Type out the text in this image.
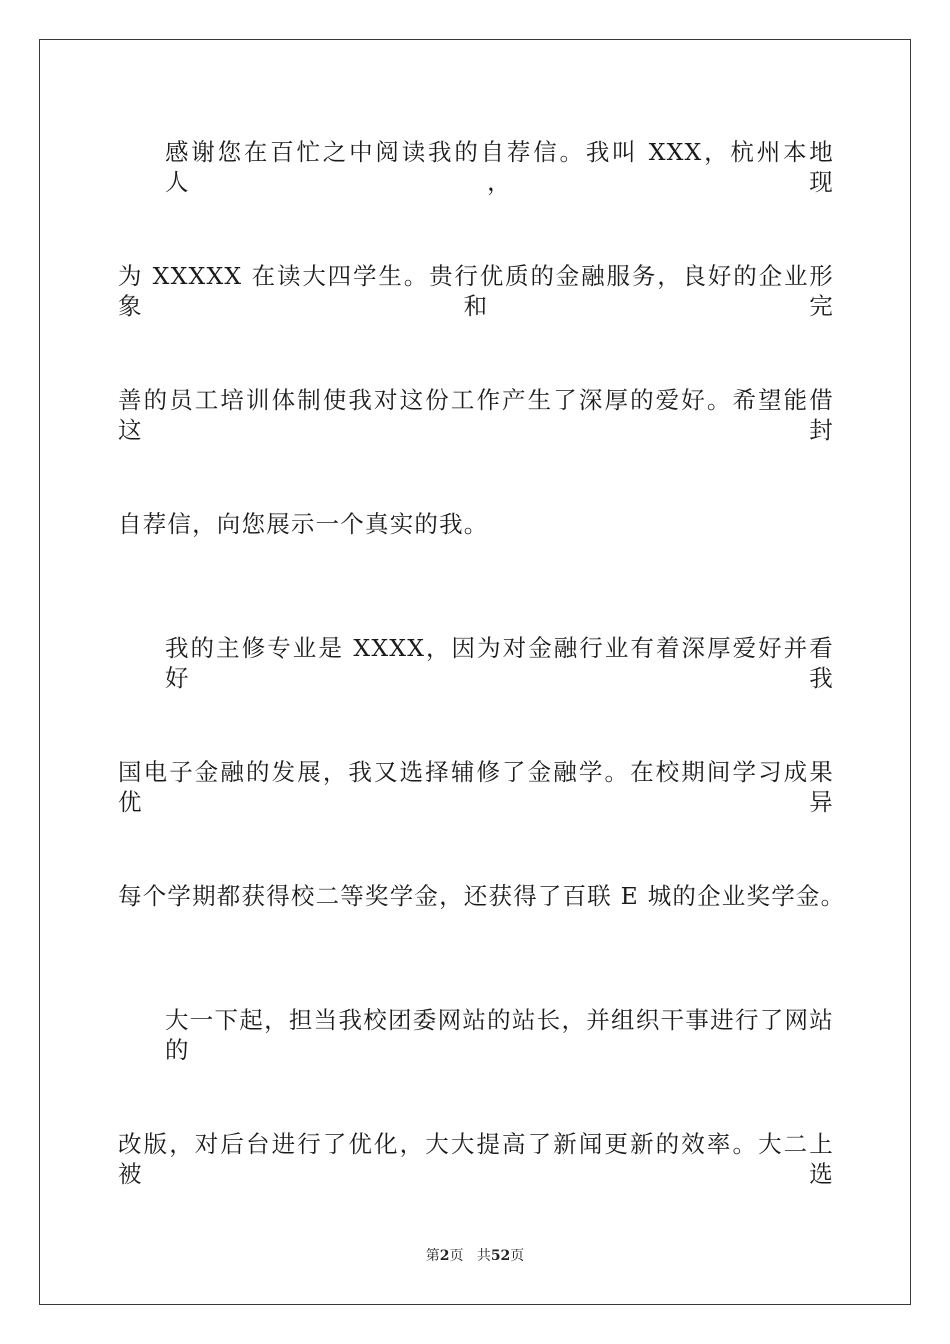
感谢您在百忙之中阅读我的自荐信。我叫 XXX，杭州本地人，现
为 XXXXX 在读大四学生。贵行优质的金融服务，良好的企业形象和完
善的员工培训体制使我对这份工作产生了深厚的爱好。希望能借这封
自荐信，向您展示一个真实的我。
我的主修专业是 XXXX，因为对金融行业有着深厚爱好并看好我
国电子金融的发展，我又选择辅修了金融学。在校期间学习成果优异
每个学期都获得校二等奖学金，还获得了百联 E 城的企业奖学金。
大一下起，担当我校团委网站的站长，并组织干事进行了网站的
改版，对后台进行了优化，大大提高了新闻更新的效率。大二上被选
第2页 共52页
